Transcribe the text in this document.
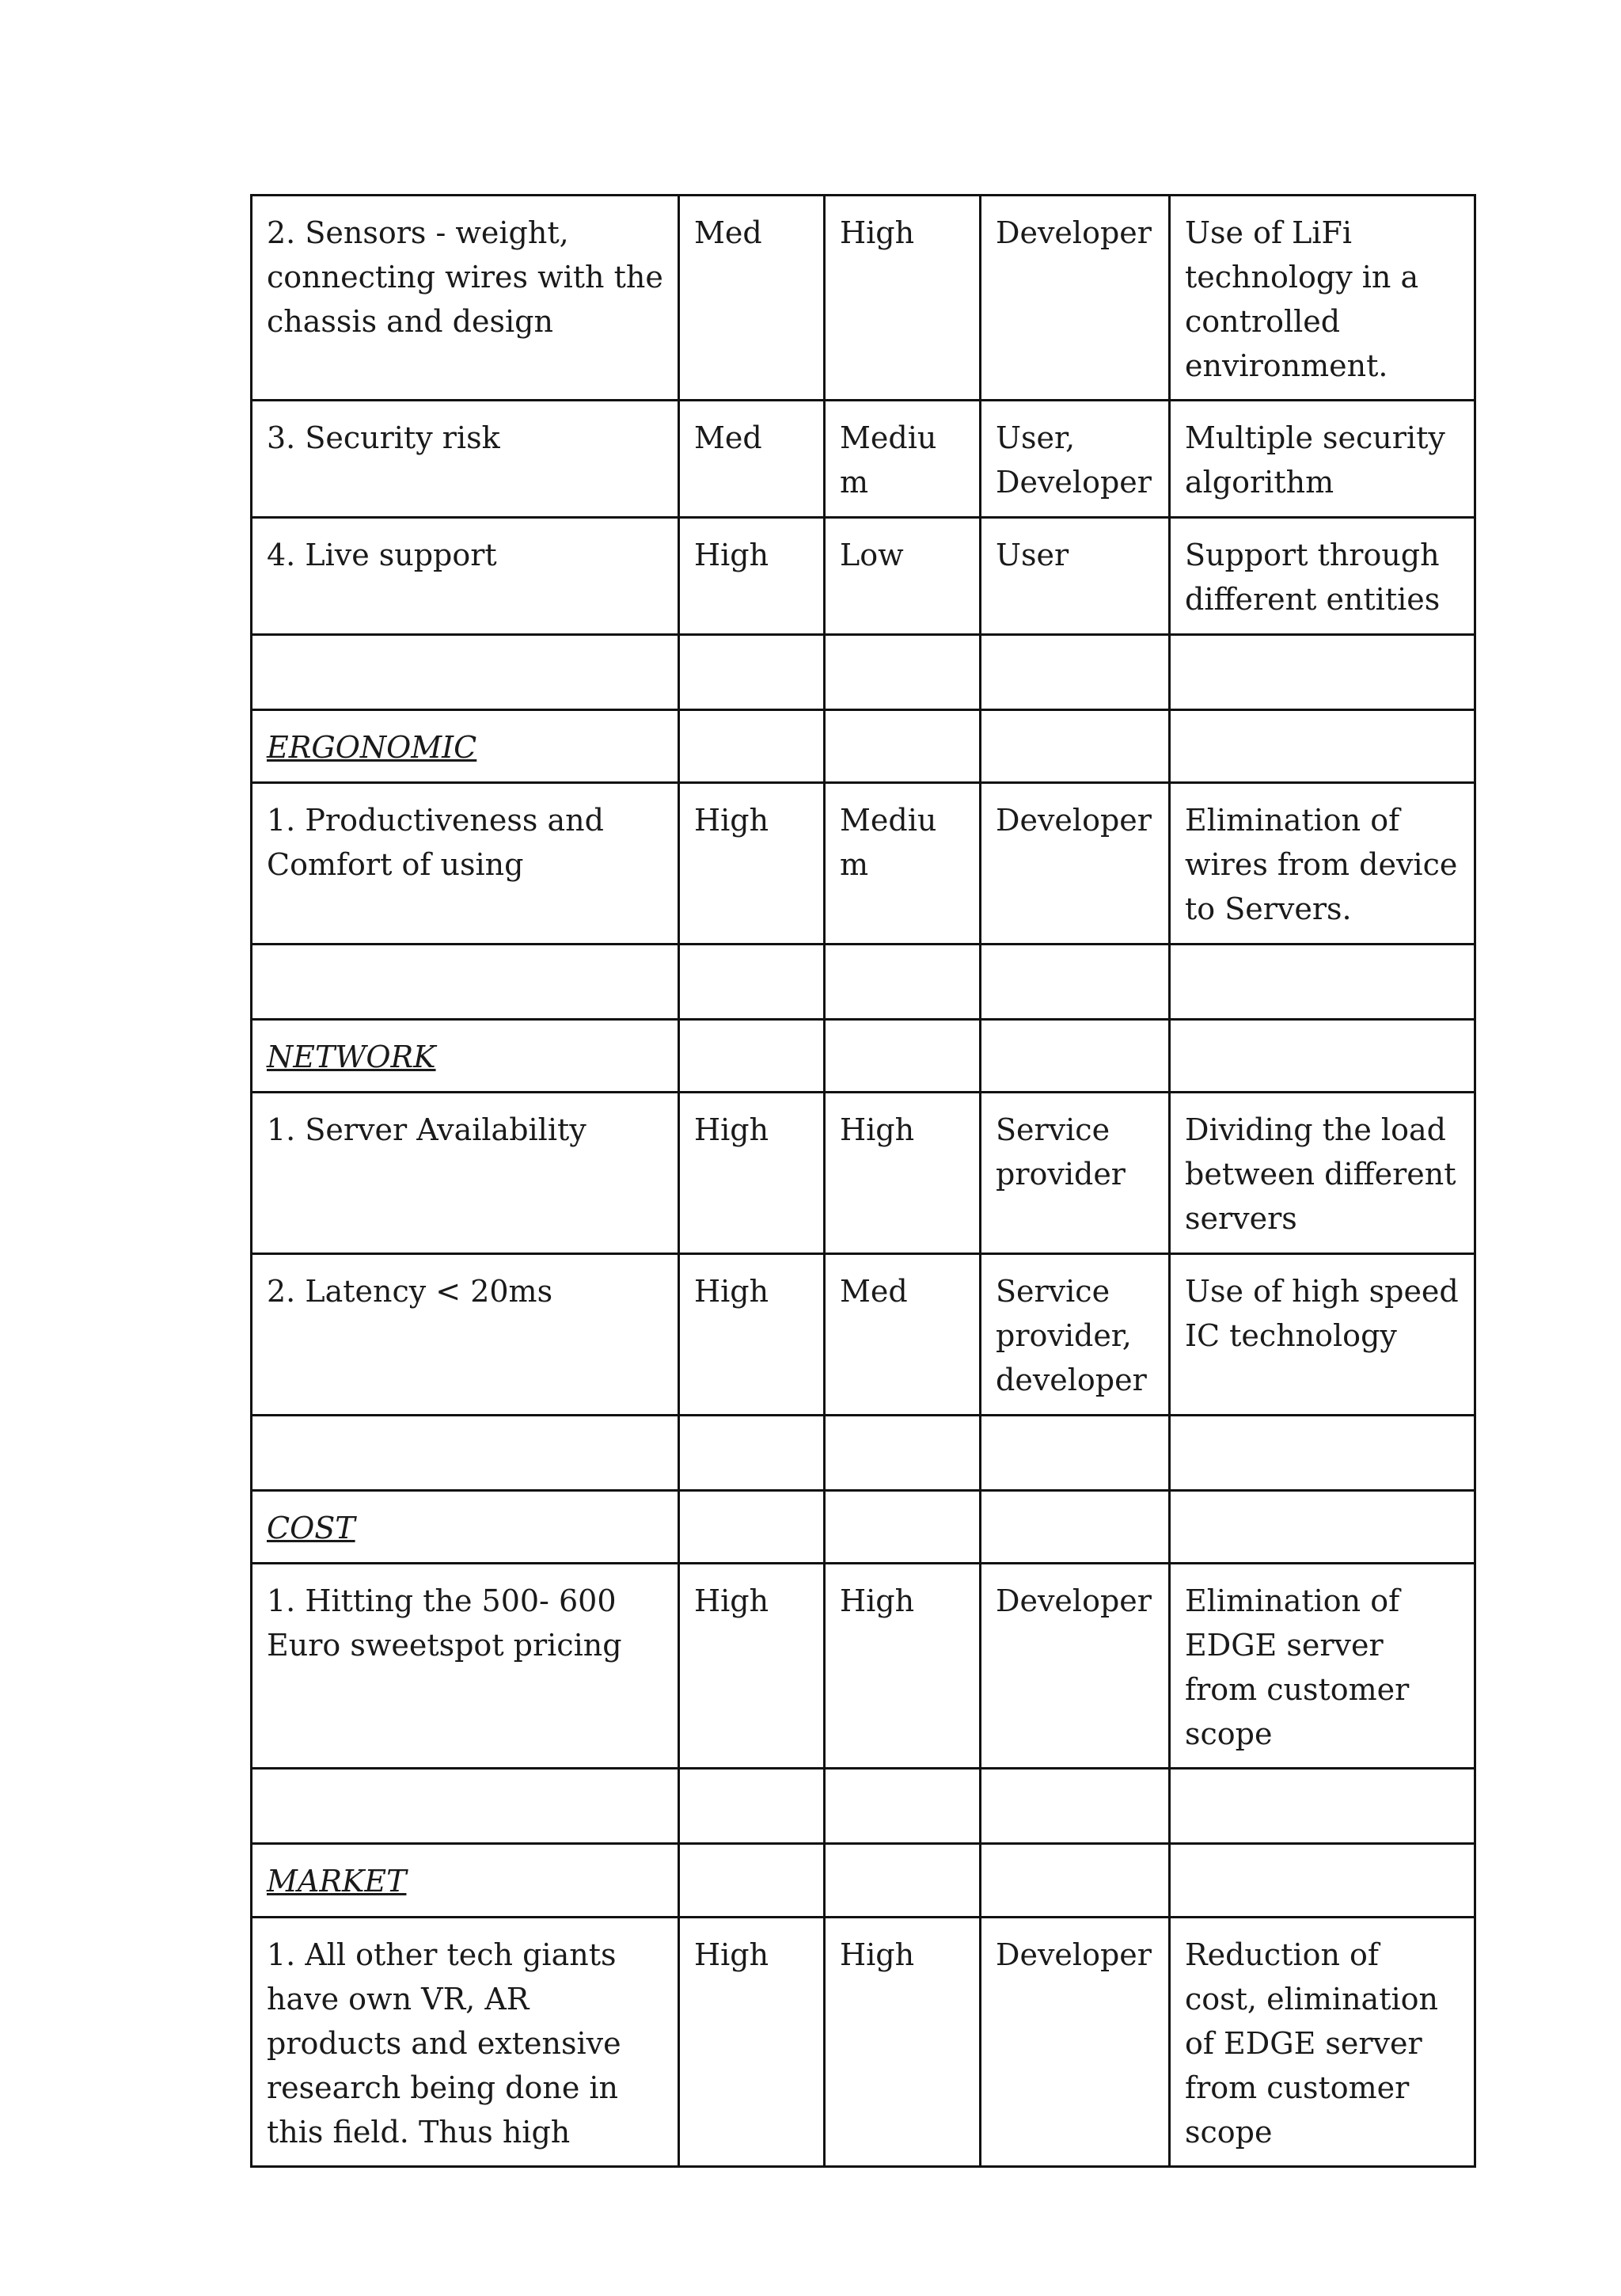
2. Sensors - weight, connecting wires with the chassis and design	Med	High	Developer	Use of LiFi technology in a controlled environment.
3. Security risk	Med	Medium	User, Developer	Multiple security algorithm
4. Live support	High	Low	User	Support through different entities

ERGONOMIC				
1. Productiveness and Comfort of using	High	Medium	Developer	Elimination of wires from device to Servers.

NETWORK				
1. Server Availability	High	High	Service provider	Dividing the load between different servers
2. Latency < 20ms	High	Med	Service provider, developer	Use of high speed IC technology

COST				
1. Hitting the 500- 600 Euro sweetspot pricing	High	High	Developer	Elimination of EDGE server from customer scope

MARKET				
1. All other tech giants have own VR, AR products and extensive research being done in this field. Thus high	High	High	Developer	Reduction of cost, elimination of EDGE server from customer scope
